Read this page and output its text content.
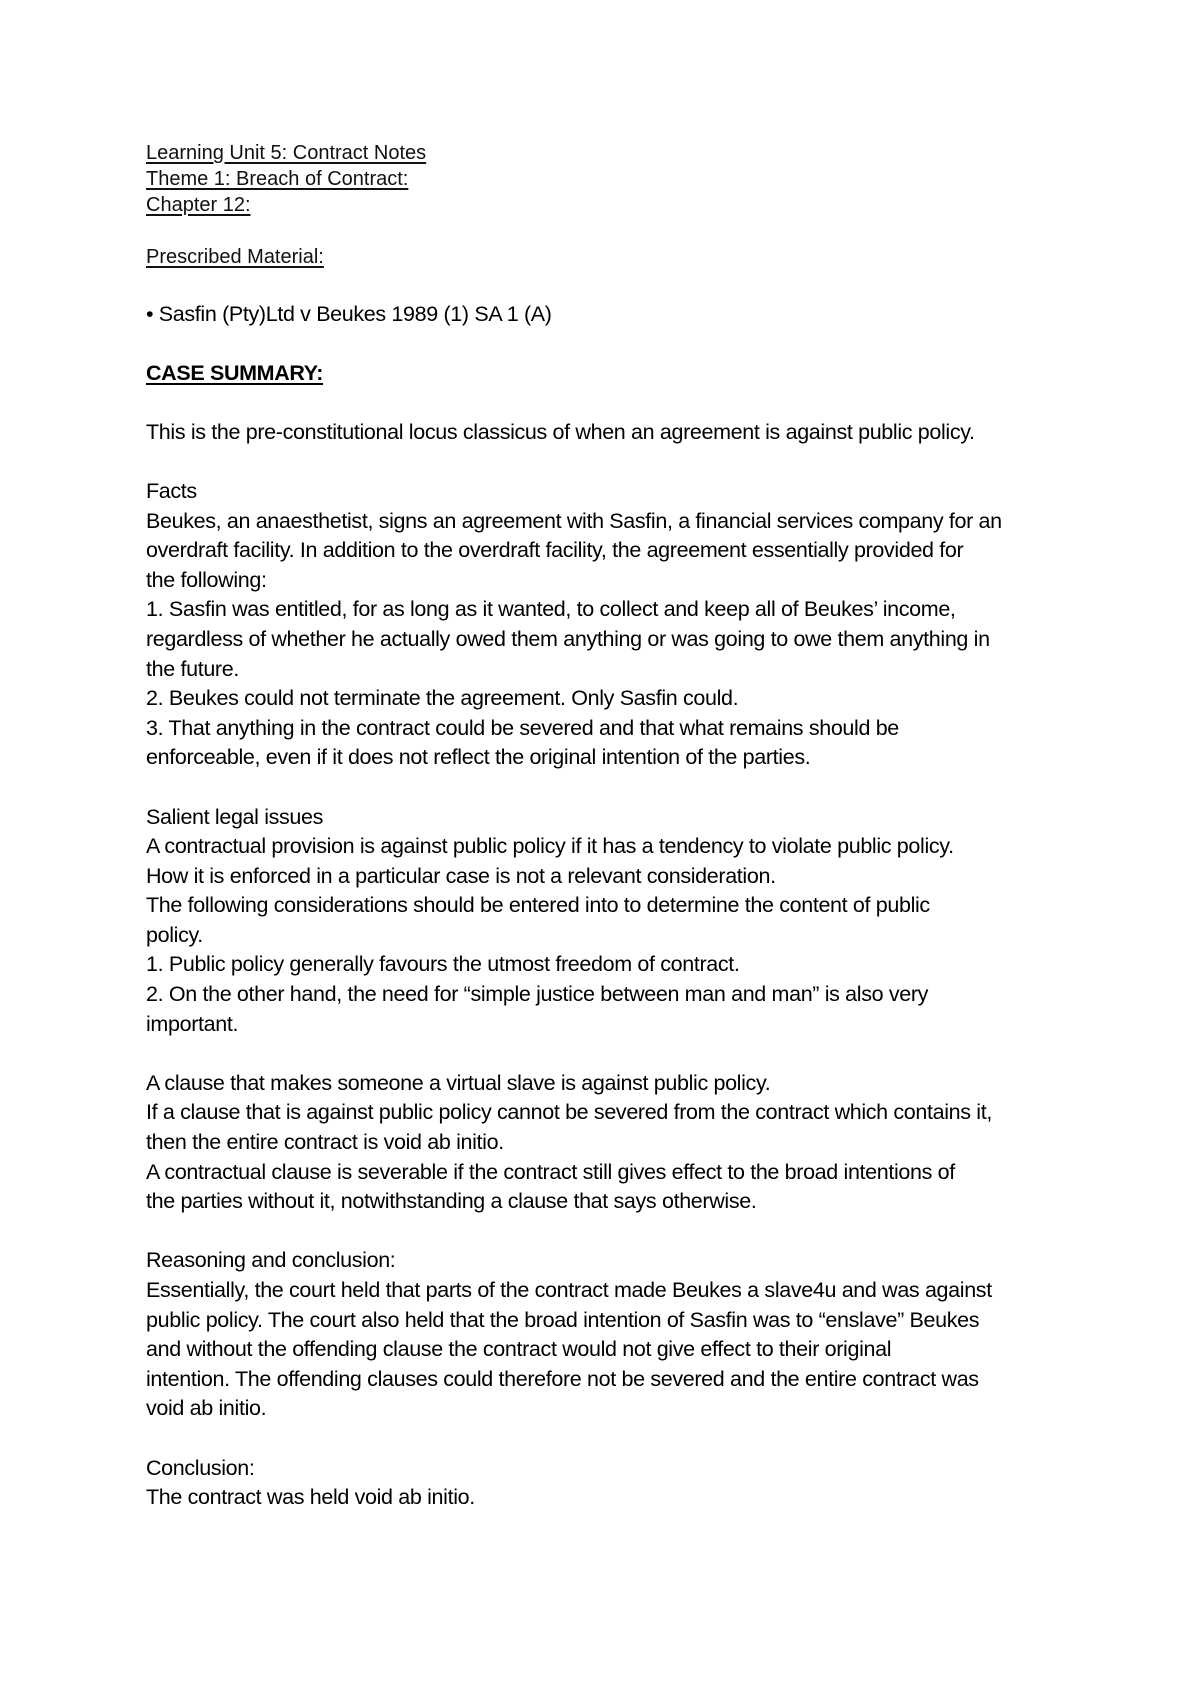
Learning Unit 5: Contract Notes
Theme 1: Breach of Contract:
Chapter 12:
Prescribed Material:
• Sasfin (Pty)Ltd v Beukes 1989 (1) SA 1 (A)
CASE SUMMARY:
This is the pre-constitutional locus classicus of when an agreement is against public policy.
Facts
Beukes, an anaesthetist, signs an agreement with Sasfin, a financial services company for an
overdraft facility. In addition to the overdraft facility, the agreement essentially provided for
the following:
1. Sasfin was entitled, for as long as it wanted, to collect and keep all of Beukes’ income,
regardless of whether he actually owed them anything or was going to owe them anything in
the future.
2. Beukes could not terminate the agreement. Only Sasfin could.
3. That anything in the contract could be severed and that what remains should be
enforceable, even if it does not reflect the original intention of the parties.
Salient legal issues
A contractual provision is against public policy if it has a tendency to violate public policy.
How it is enforced in a particular case is not a relevant consideration.
The following considerations should be entered into to determine the content of public
policy.
1. Public policy generally favours the utmost freedom of contract.
2. On the other hand, the need for “simple justice between man and man” is also very
important.
A clause that makes someone a virtual slave is against public policy.
If a clause that is against public policy cannot be severed from the contract which contains it,
then the entire contract is void ab initio.
A contractual clause is severable if the contract still gives effect to the broad intentions of
the parties without it, notwithstanding a clause that says otherwise.
Reasoning and conclusion:
Essentially, the court held that parts of the contract made Beukes a slave4u and was against
public policy. The court also held that the broad intention of Sasfin was to “enslave” Beukes
and without the offending clause the contract would not give effect to their original
intention. The offending clauses could therefore not be severed and the entire contract was
void ab initio.
Conclusion:
The contract was held void ab initio.
